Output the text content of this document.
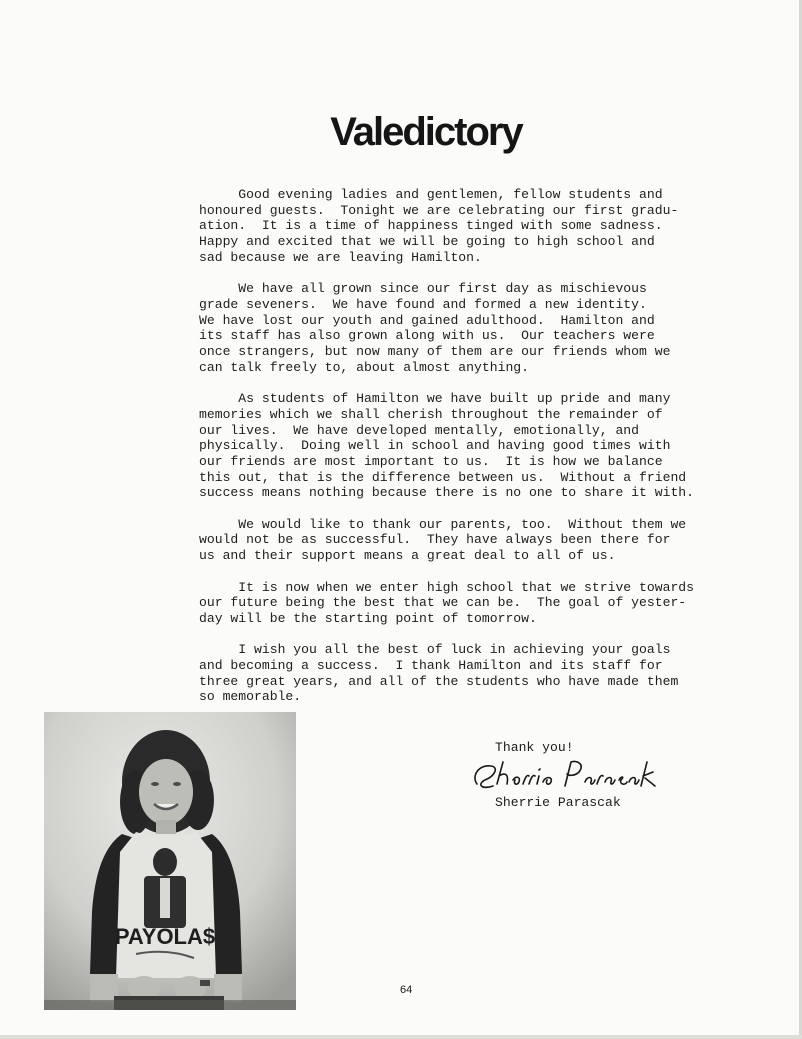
Valedictory

Good evening ladies and gentlemen, fellow students and
honoured guests.  Tonight we are celebrating our first gradu-
ation.  It is a time of happiness tinged with some sadness.
Happy and excited that we will be going to high school and
sad because we are leaving Hamilton.

We have all grown since our first day as mischievous
grade seveners.  We have found and formed a new identity.
We have lost our youth and gained adulthood.  Hamilton and
its staff has also grown along with us.  Our teachers were
once strangers, but now many of them are our friends whom we
can talk freely to, about almost anything.

As students of Hamilton we have built up pride and many
memories which we shall cherish throughout the remainder of
our lives.  We have developed mentally, emotionally, and
physically.  Doing well in school and having good times with
our friends are most important to us.  It is how we balance
this out, that is the difference between us.  Without a friend
success means nothing because there is no one to share it with.

We would like to thank our parents, too.  Without them we
would not be as successful.  They have always been there for
us and their support means a great deal to all of us.

It is now when we enter high school that we strive towards
our future being the best that we can be.  The goal of yester-
day will be the starting point of tomorrow.

I wish you all the best of luck in achieving your goals
and becoming a success.  I thank Hamilton and its staff for
three great years, and all of the students who have made them
so memorable.

PAYOLA$

Thank you!

Sherrie Parascak

64
